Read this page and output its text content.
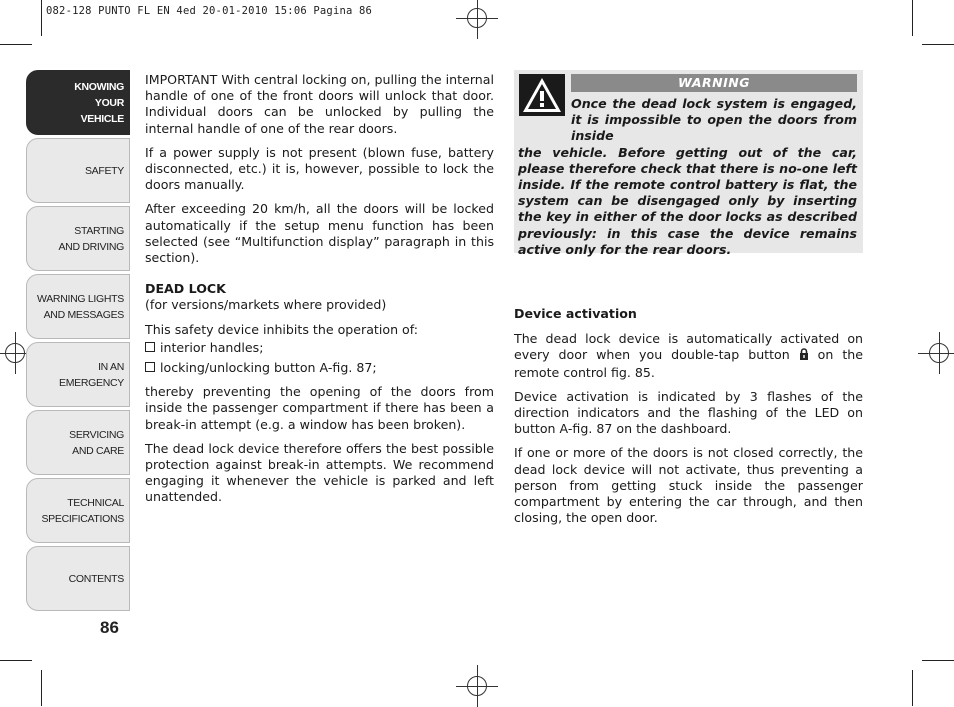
082-128 PUNTO FL EN 4ed 20-01-2010 15:06 Pagina 86
KNOWING
YOUR
VEHICLE
SAFETY
STARTING
AND DRIVING
WARNING LIGHTS
AND MESSAGES
IN AN
EMERGENCY
SERVICING
AND CARE
TECHNICAL
SPECIFICATIONS
CONTENTS
86

IMPORTANT With central locking on, pulling the internal handle of one of the front doors will unlock that door. Individual doors can be unlocked by pulling the internal handle of one of the rear doors.

If a power supply is not present (blown fuse, battery disconnected, etc.) it is, however, possible to lock the doors manually.

After exceeding 20 km/h, all the doors will be locked automatically if the setup menu function has been selected (see “Multifunction display” paragraph in this section).

DEAD LOCK

(for versions/markets where provided)

This safety device inhibits the operation of:

interior handles;
locking/unlocking button A-fig. 87;

thereby preventing the opening of the doors from inside the passenger compartment if there has been a break-in attempt (e.g. a window has been broken).

The dead lock device therefore offers the best possible protection against break-in attempts. We recommend engaging it whenever the vehicle is parked and left unattended.

WARNING
Once the dead lock system is engaged, it is impossible to open the doors from inside
the vehicle. Before getting out of the car, please therefore check that there is no-one left inside. If the remote control battery is flat, the system can be disengaged only by inserting the key in either of the door locks as described previously: in this case the device remains active only for the rear doors.

Device activation

The dead lock device is automatically activated on every door when you double-tap button  on the remote control fig. 85.

Device activation is indicated by 3 flashes of the direction indicators and the flashing of the LED on button A-fig. 87 on the dashboard.

If one or more of the doors is not closed correctly, the dead lock device will not activate, thus preventing a person from getting stuck inside the passenger compartment by entering the car through, and then closing, the open door.
